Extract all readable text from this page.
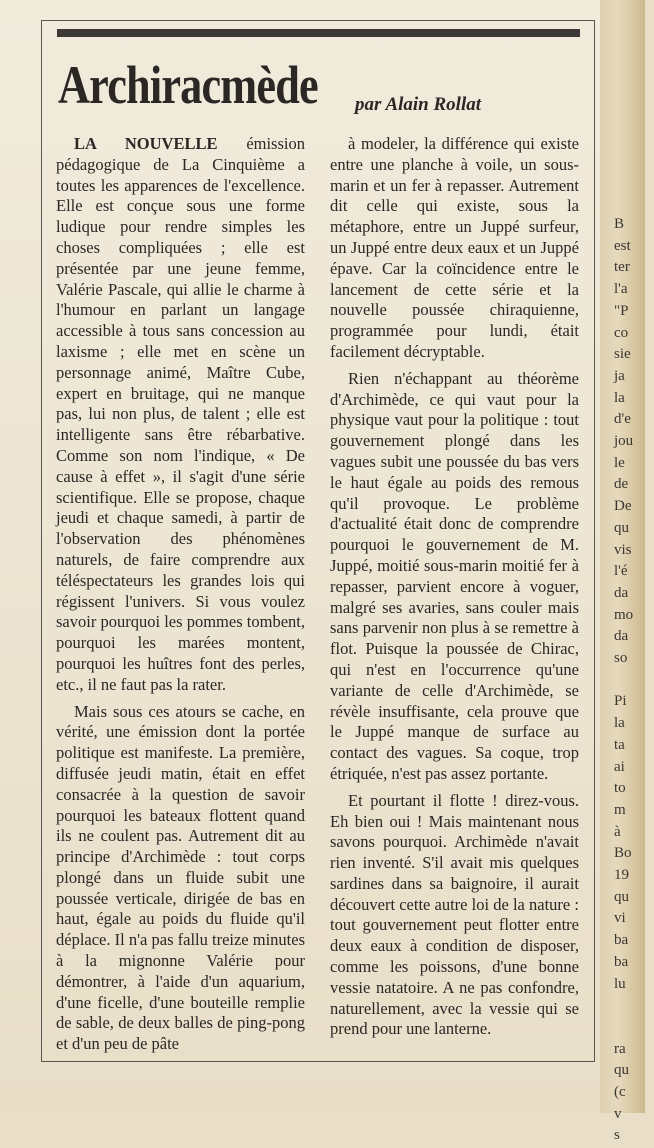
B
est
ter
l'a
"P
co
sie
ja
la
d'e
jou
le
de
De
qu
vis
l'é
da
mo
da
so
Pi
la
ta
ai
to
m
à
Bo
19
qu
vi
ba
ba
lu
ra
qu
(c
v
s
Archiracmède par Alain Rollat

LA NOUVELLE émission pédagogique de La Cinquième a toutes les apparences de l'excellence. Elle est conçue sous une forme ludique pour rendre simples les choses compliquées ; elle est présentée par une jeune femme, Valérie Pascale, qui allie le charme à l'humour en parlant un langage accessible à tous sans concession au laxisme ; elle met en scène un personnage animé, Maître Cube, expert en bruitage, qui ne manque pas, lui non plus, de talent ; elle est intelligente sans être rébarbative. Comme son nom l'indique, « De cause à effet », il s'agit d'une série scientifique. Elle se propose, chaque jeudi et chaque samedi, à partir de l'observation des phénomènes naturels, de faire comprendre aux téléspectateurs les grandes lois qui régissent l'univers. Si vous voulez savoir pourquoi les pommes tombent, pourquoi les marées montent, pourquoi les huîtres font des perles, etc., il ne faut pas la rater.

Mais sous ces atours se cache, en vérité, une émission dont la portée politique est manifeste. La première, diffusée jeudi matin, était en effet consacrée à la question de savoir pourquoi les bateaux flottent quand ils ne coulent pas. Autrement dit au principe d'Archimède : tout corps plongé dans un fluide subit une poussée verticale, dirigée de bas en haut, égale au poids du fluide qu'il déplace. Il n'a pas fallu treize minutes à la mignonne Valérie pour démontrer, à l'aide d'un aquarium, d'une ficelle, d'une bouteille remplie de sable, de deux balles de ping-pong et d'un peu de pâte

à modeler, la différence qui existe entre une planche à voile, un sous-marin et un fer à repasser. Autrement dit celle qui existe, sous la métaphore, entre un Juppé surfeur, un Juppé entre deux eaux et un Juppé épave. Car la coïncidence entre le lancement de cette série et la nouvelle poussée chiraquienne, programmée pour lundi, était facilement décryptable.

Rien n'échappant au théorème d'Archimède, ce qui vaut pour la physique vaut pour la politique : tout gouvernement plongé dans les vagues subit une poussée du bas vers le haut égale au poids des remous qu'il provoque. Le problème d'actualité était donc de comprendre pourquoi le gouvernement de M. Juppé, moitié sous-marin moitié fer à repasser, parvient encore à voguer, malgré ses avaries, sans couler mais sans parvenir non plus à se remettre à flot. Puisque la poussée de Chirac, qui n'est en l'occurrence qu'une variante de celle d'Archimède, se révèle insuffisante, cela prouve que le Juppé manque de surface au contact des vagues. Sa coque, trop étriquée, n'est pas assez portante.

Et pourtant il flotte ! direz-vous. Eh bien oui ! Mais maintenant nous savons pourquoi. Archimède n'avait rien inventé. S'il avait mis quelques sardines dans sa baignoire, il aurait découvert cette autre loi de la nature : tout gouvernement peut flotter entre deux eaux à condition de disposer, comme les poissons, d'une bonne vessie natatoire. A ne pas confondre, naturellement, avec la vessie qui se prend pour une lanterne.
